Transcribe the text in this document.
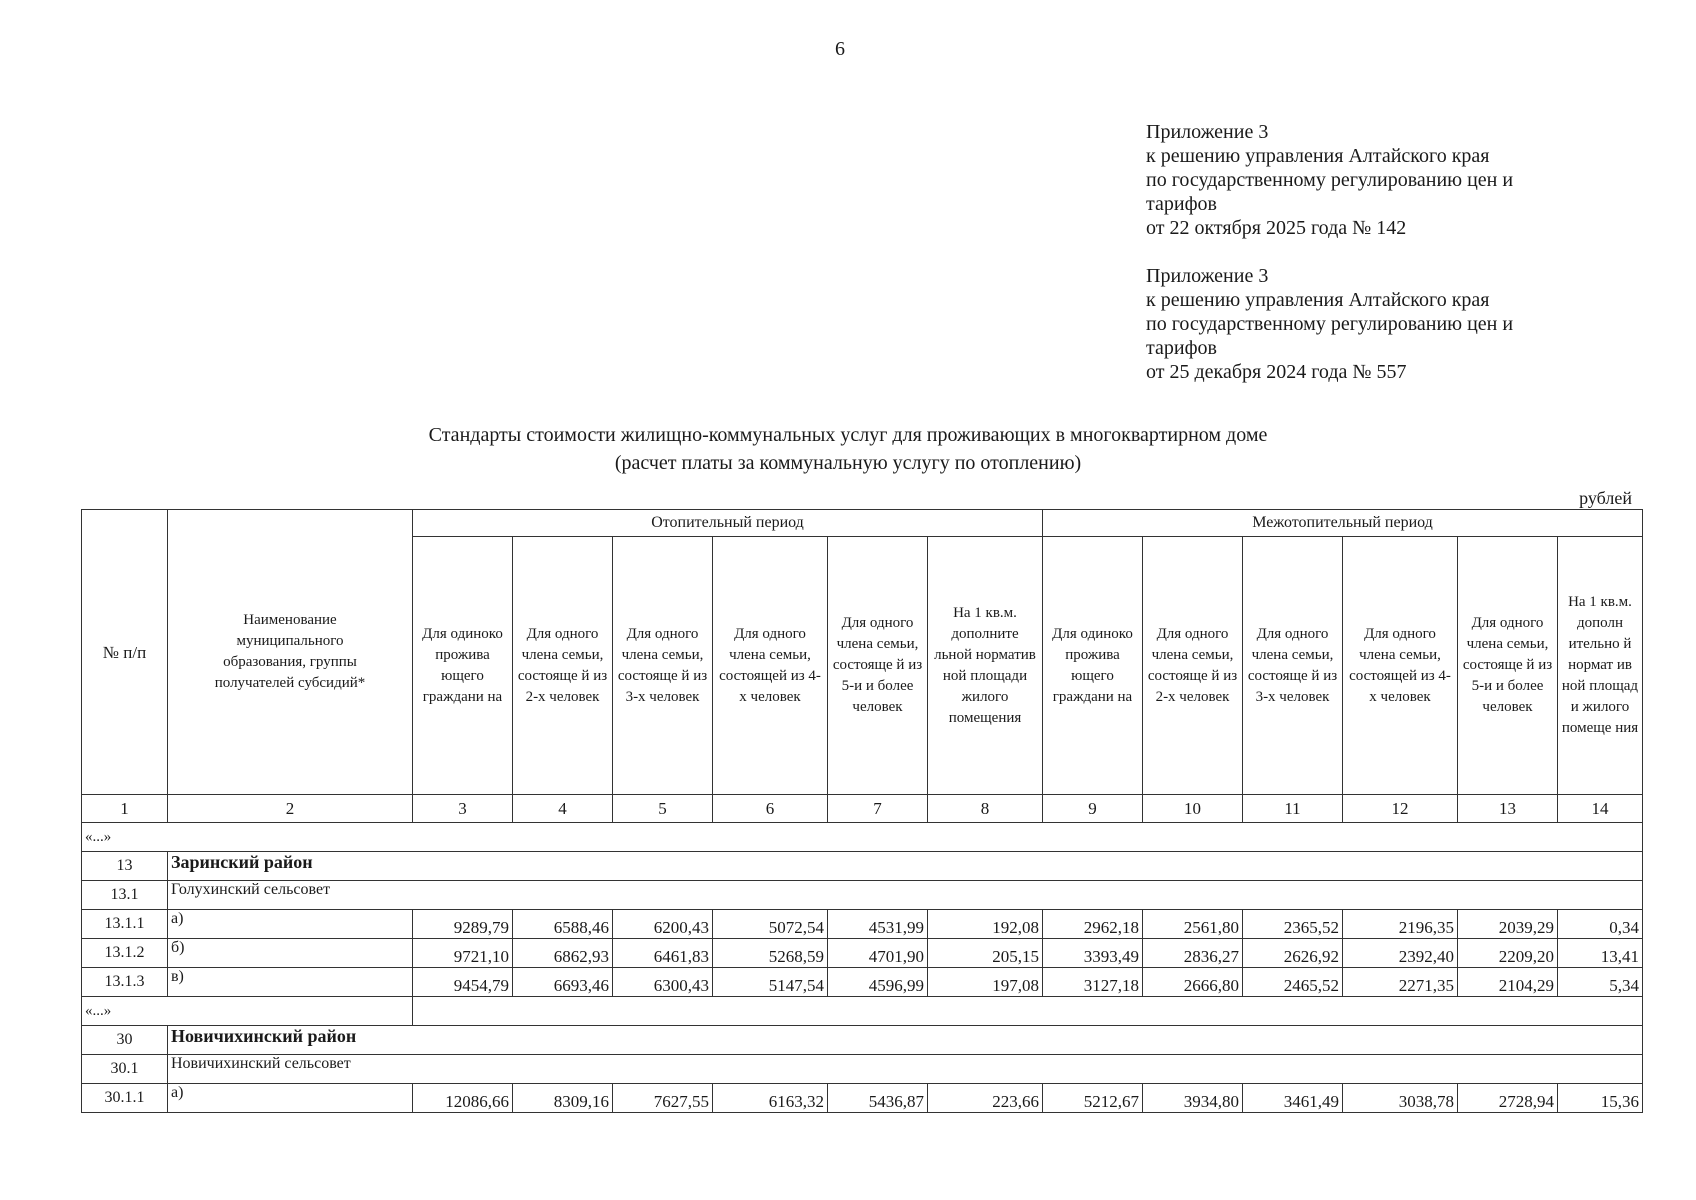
6
Приложение 3
к решению управления Алтайского края
по государственному регулированию цен и
тарифов
от 22 октября 2025 года № 142
Приложение 3
к решению управления Алтайского края
по государственному регулированию цен и
тарифов
от 25 декабря 2024 года № 557
Стандарты стоимости жилищно-коммунальных услуг для проживающих в многоквартирном доме
(расчет платы за коммунальную услугу по отоплению)
рублей
№ п/п	Наименование муниципального образования, группы получателей субсидий*	Отопительный период						Межотопительный период					
		Для одиноко прожива ющего граждани на	Для одного члена семьи, состояще й из 2-х человек	Для одного члена семьи, состояще й из 3-х человек	Для одного члена семьи, состоящей из 4-х человек	Для одного члена семьи, состояще й из 5-и и более человек	На 1 кв.м. дополните льной норматив ной площади жилого помещения	Для одиноко прожива ющего граждани на	Для одного члена семьи, состояще й из 2-х человек	Для одного члена семьи, состояще й из 3-х человек	Для одного члена семьи, состоящей из 4-х человек	Для одного члена семьи, состояще й из 5-и и более человек	На 1 кв.м. дополн ительно й нормат ив ной площад и жилого помеще ния
1	2	3	4	5	6	7	8	9	10	11	12	13	14
«...»													
13	Заринский район												
13.1	Голухинский сельсовет												
13.1.1	а)	9289,79	6588,46	6200,43	5072,54	4531,99	192,08	2962,18	2561,80	2365,52	2196,35	2039,29	0,34
13.1.2	б)	9721,10	6862,93	6461,83	5268,59	4701,90	205,15	3393,49	2836,27	2626,92	2392,40	2209,20	13,41
13.1.3	в)	9454,79	6693,46	6300,43	5147,54	4596,99	197,08	3127,18	2666,80	2465,52	2271,35	2104,29	5,34
«...»													
30	Новичихинский район												
30.1	Новичихинский сельсовет												
30.1.1	а)	12086,66	8309,16	7627,55	6163,32	5436,87	223,66	5212,67	3934,80	3461,49	3038,78	2728,94	15,36
